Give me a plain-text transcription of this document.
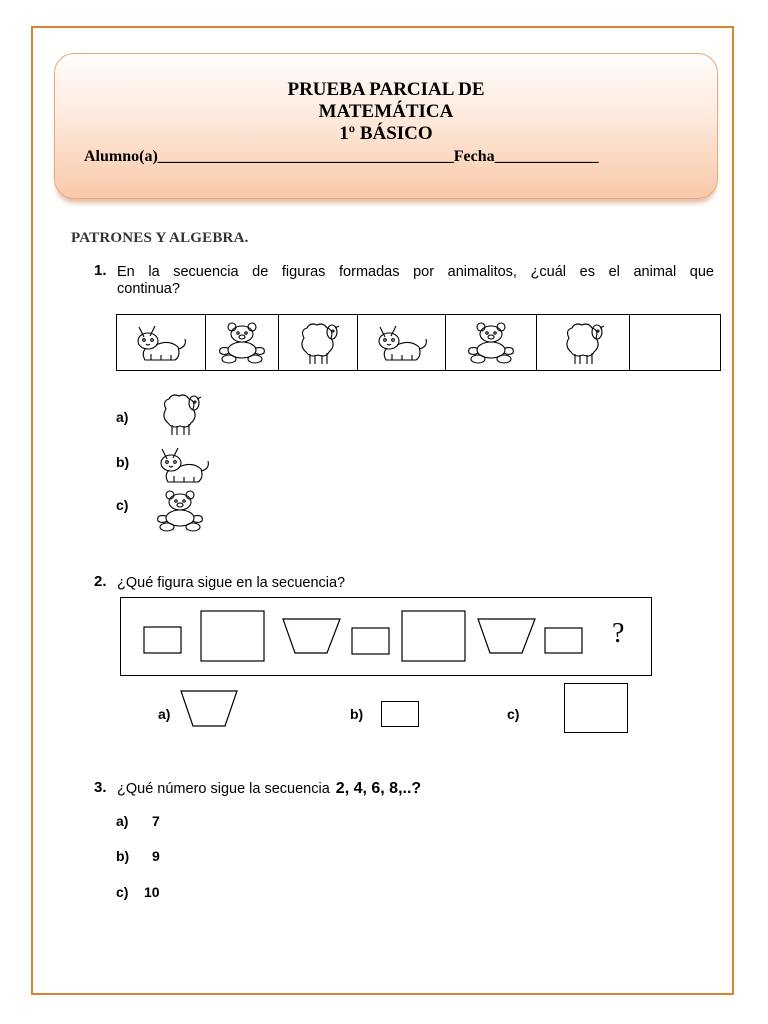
PRUEBA PARCIAL DE
MATEMÁTICA
1º BÁSICO
Alumno(a)_____________________________________Fecha_____________
PATRONES Y ALGEBRA.
1. En la secuencia de figuras formadas por animalitos, ¿cuál es el animal que
continua?
a)
b)
c)
2. ¿Qué figura sigue en la secuencia?
?
a)	b)	c)
3. ¿Qué número sigue la secuencia 2, 4, 6, 8,..?
a) 7
b) 9
c) 10
